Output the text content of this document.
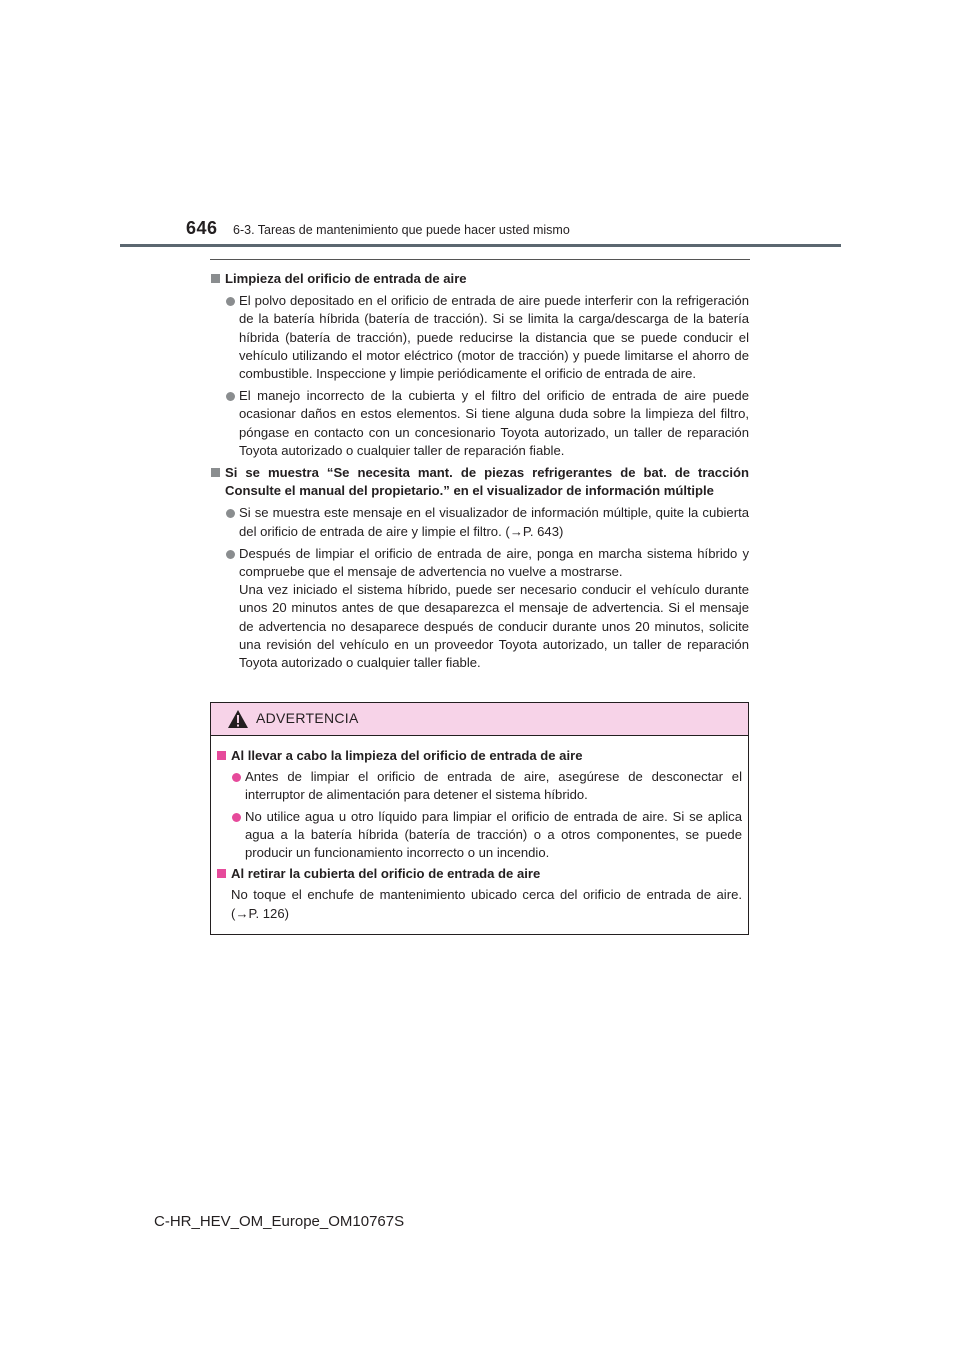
646 6-3. Tareas de mantenimiento que puede hacer usted mismo
Limpieza del orificio de entrada de aire
El polvo depositado en el orificio de entrada de aire puede interferir con la refrigeración de la batería híbrida (batería de tracción). Si se limita la carga/descarga de la batería híbrida (batería de tracción), puede reducirse la distancia que se puede conducir el vehículo utilizando el motor eléctrico (motor de tracción) y puede limitarse el ahorro de combustible. Inspeccione y limpie periódicamente el orificio de entrada de aire.
El manejo incorrecto de la cubierta y el filtro del orificio de entrada de aire puede ocasionar daños en estos elementos. Si tiene alguna duda sobre la limpieza del filtro, póngase en contacto con un concesionario Toyota autorizado, un taller de reparación Toyota autorizado o cualquier taller de reparación fiable.
Si se muestra “Se necesita mant. de piezas refrigerantes de bat. de tracción Consulte el manual del propietario.” en el visualizador de información múltiple
Si se muestra este mensaje en el visualizador de información múltiple, quite la cubierta del orificio de entrada de aire y limpie el filtro. (→P. 643)
Después de limpiar el orificio de entrada de aire, ponga en marcha sistema híbrido y compruebe que el mensaje de advertencia no vuelve a mostrarse.
Una vez iniciado el sistema híbrido, puede ser necesario conducir el vehículo durante unos 20 minutos antes de que desaparezca el mensaje de advertencia. Si el mensaje de advertencia no desaparece después de conducir durante unos 20 minutos, solicite una revisión del vehículo en un proveedor Toyota autorizado, un taller de reparación Toyota autorizado o cualquier taller fiable.
ADVERTENCIA
Al llevar a cabo la limpieza del orificio de entrada de aire
Antes de limpiar el orificio de entrada de aire, asegúrese de desconectar el interruptor de alimentación para detener el sistema híbrido.
No utilice agua u otro líquido para limpiar el orificio de entrada de aire. Si se aplica agua a la batería híbrida (batería de tracción) o a otros componentes, se puede producir un funcionamiento incorrecto o un incendio.
Al retirar la cubierta del orificio de entrada de aire
No toque el enchufe de mantenimiento ubicado cerca del orificio de entrada de aire. (→P. 126)
C-HR_HEV_OM_Europe_OM10767S
